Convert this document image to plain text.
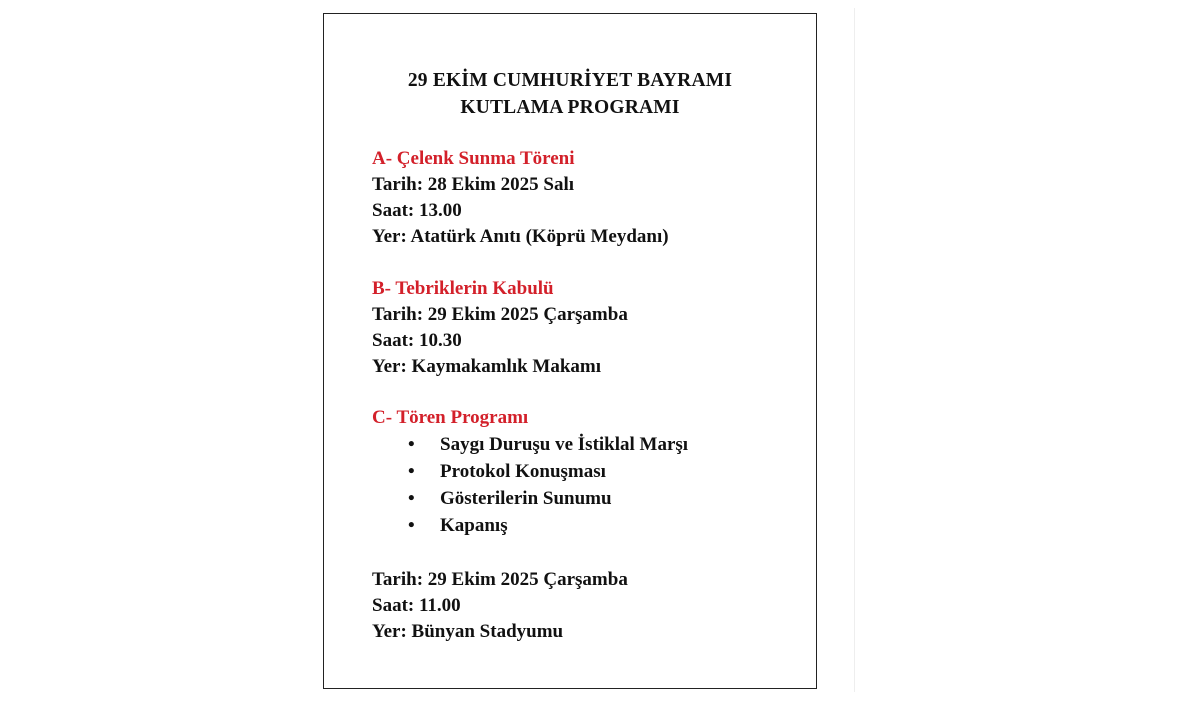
29 EKİM CUMHURİYET BAYRAMI
KUTLAMA PROGRAMI
A- Çelenk Sunma Töreni
Tarih: 28 Ekim 2025 Salı
Saat: 13.00
Yer: Atatürk Anıtı (Köprü Meydanı)
B- Tebriklerin Kabulü
Tarih: 29 Ekim 2025 Çarşamba
Saat: 10.30
Yer: Kaymakamlık Makamı
C- Tören Programı
• Saygı Duruşu ve İstiklal Marşı
• Protokol Konuşması
• Gösterilerin Sunumu
• Kapanış
Tarih: 29 Ekim 2025 Çarşamba
Saat: 11.00
Yer: Bünyan Stadyumu
